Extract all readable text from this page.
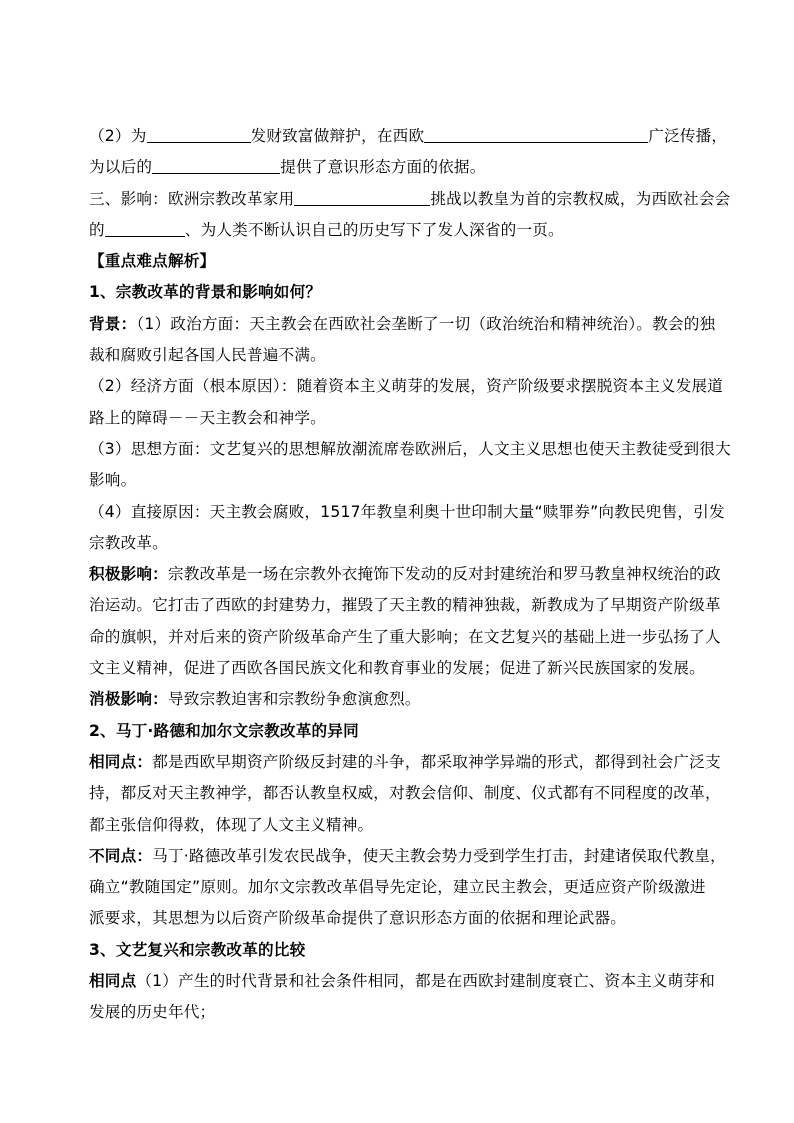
（2）为	发财致富做辩护，在西欧	广泛传播，
为以后的	提供了意识形态方面的依据。
三、影响：欧洲宗教改革家用	挑战以教皇为首的宗教权威，为西欧社会会
的	、为人类不断认识自己的历史写下了发人深省的一页。
【重点难点解析】
1、宗教改革的背景和影响如何？
背景：（1）政治方面：天主教会在西欧社会垄断了一切（政治统治和精神统治）。教会的独
裁和腐败引起各国人民普遍不满。
（2）经济方面（根本原因）：随着资本主义萌芽的发展，资产阶级要求摆脱资本主义发展道
路上的障碍－－天主教会和神学。
（3）思想方面：文艺复兴的思想解放潮流席卷欧洲后，人文主义思想也使天主教徒受到很大
影响。
（4）直接原因：天主教会腐败，1517年教皇利奥十世印制大量“赎罪券”向教民兜售，引发
宗教改革。
积极影响：宗教改革是一场在宗教外衣掩饰下发动的反对封建统治和罗马教皇神权统治的政
治运动。它打击了西欧的封建势力，摧毁了天主教的精神独裁，新教成为了早期资产阶级革
命的旗帜，并对后来的资产阶级革命产生了重大影响；在文艺复兴的基础上进一步弘扬了人
文主义精神，促进了西欧各国民族文化和教育事业的发展；促进了新兴民族国家的发展。
消极影响：导致宗教迫害和宗教纷争愈演愈烈。
2、马丁·路德和加尔文宗教改革的异同
相同点：都是西欧早期资产阶级反封建的斗争，都采取神学异端的形式，都得到社会广泛支
持，都反对天主教神学，都否认教皇权威，对教会信仰、制度、仪式都有不同程度的改革，
都主张信仰得救，体现了人文主义精神。
不同点：马丁·路德改革引发农民战争，使天主教会势力受到学生打击，封建诸侯取代教皇，
确立“教随国定”原则。加尔文宗教改革倡导先定论，建立民主教会，更适应资产阶级激进
派要求，其思想为以后资产阶级革命提供了意识形态方面的依据和理论武器。
3、文艺复兴和宗教改革的比较
相同点（1）产生的时代背景和社会条件相同，都是在西欧封建制度衰亡、资本主义萌芽和
发展的历史年代；
